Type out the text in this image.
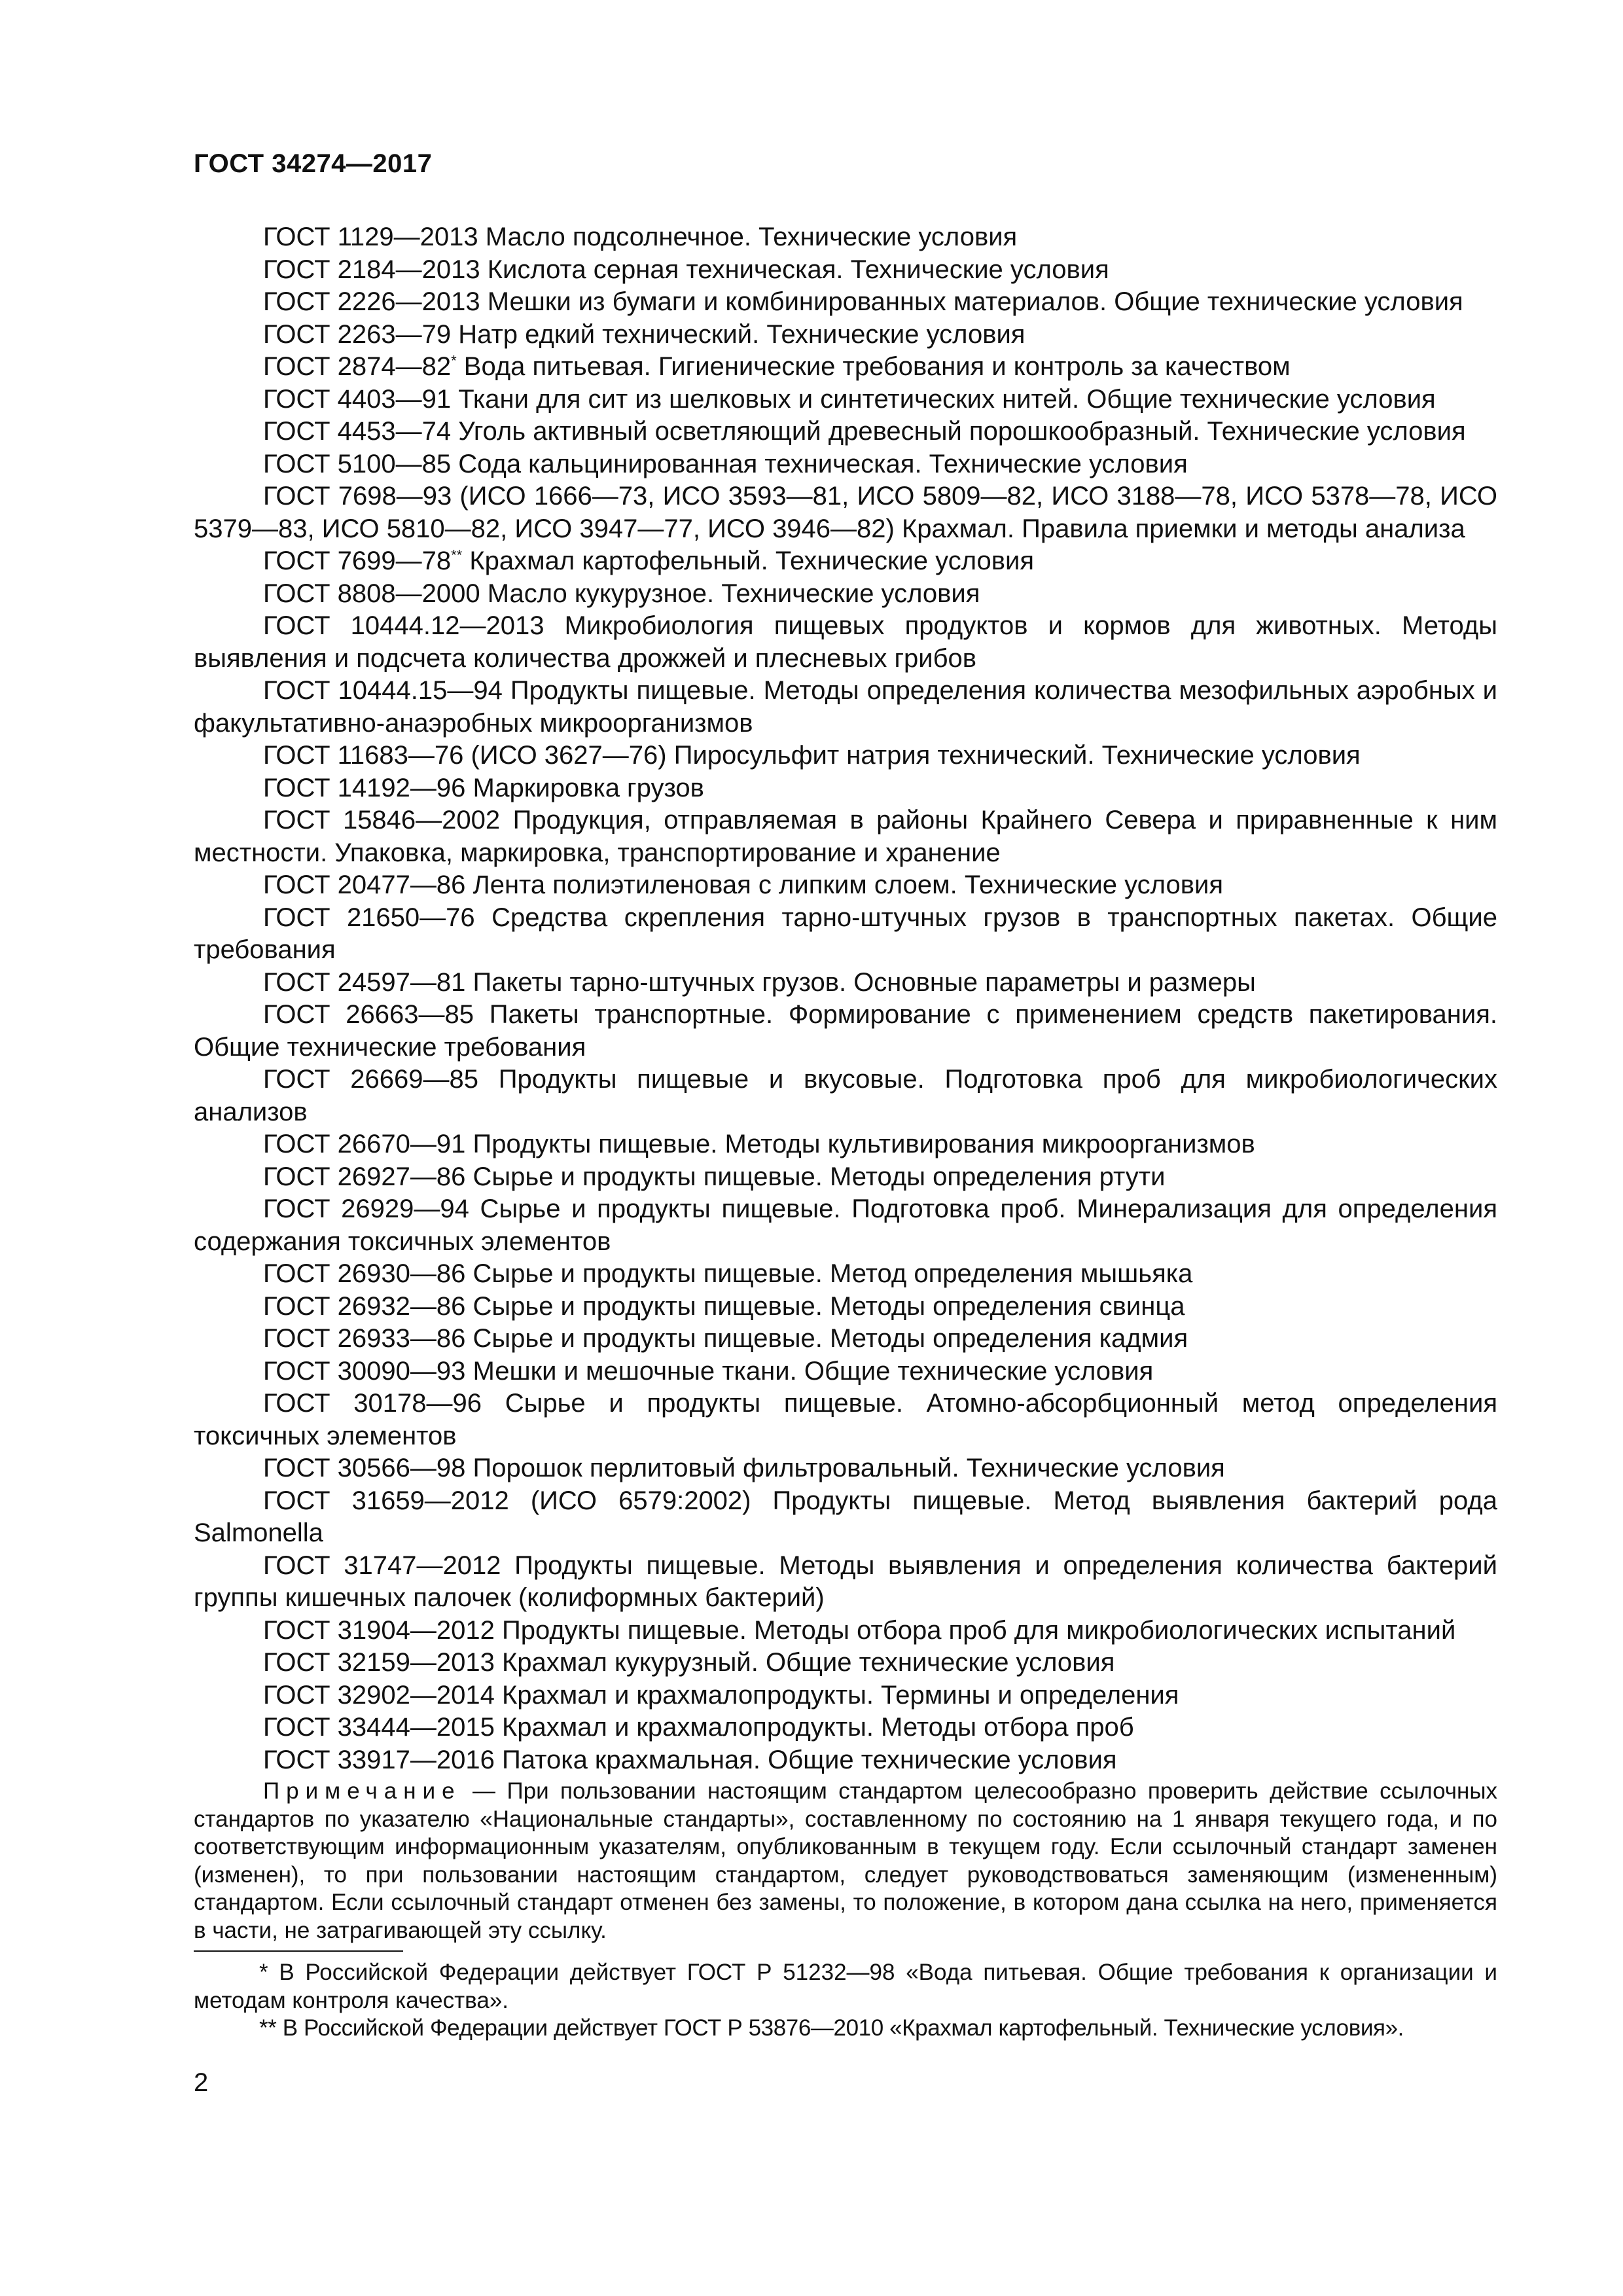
ГОСТ 34274—2017
ГОСТ 1129—2013 Масло подсолнечное. Технические условия
ГОСТ 2184—2013 Кислота серная техническая. Технические условия
ГОСТ 2226—2013 Мешки из бумаги и комбинированных материалов. Общие технические условия
ГОСТ 2263—79 Натр едкий технический. Технические условия
ГОСТ 2874—82* Вода питьевая. Гигиенические требования и контроль за качеством
ГОСТ 4403—91 Ткани для сит из шелковых и синтетических нитей. Общие технические условия
ГОСТ 4453—74 Уголь активный осветляющий древесный порошкообразный. Технические условия
ГОСТ 5100—85 Сода кальцинированная техническая. Технические условия
ГОСТ 7698—93 (ИСО 1666—73, ИСО 3593—81, ИСО 5809—82, ИСО 3188—78, ИСО 5378—78, ИСО 5379—83, ИСО 5810—82, ИСО 3947—77, ИСО 3946—82) Крахмал. Правила приемки и методы анализа
ГОСТ 7699—78** Крахмал картофельный. Технические условия
ГОСТ 8808—2000 Масло кукурузное. Технические условия
ГОСТ 10444.12—2013 Микробиология пищевых продуктов и кормов для животных. Методы выявления и подсчета количества дрожжей и плесневых грибов
ГОСТ 10444.15—94 Продукты пищевые. Методы определения количества мезофильных аэробных и факультативно-анаэробных микроорганизмов
ГОСТ 11683—76 (ИСО 3627—76) Пиросульфит натрия технический. Технические условия
ГОСТ 14192—96 Маркировка грузов
ГОСТ 15846—2002 Продукция, отправляемая в районы Крайнего Севера и приравненные к ним местности. Упаковка, маркировка, транспортирование и хранение
ГОСТ 20477—86 Лента полиэтиленовая с липким слоем. Технические условия
ГОСТ 21650—76 Средства скрепления тарно-штучных грузов в транспортных пакетах. Общие требования
ГОСТ 24597—81 Пакеты тарно-штучных грузов. Основные параметры и размеры
ГОСТ 26663—85 Пакеты транспортные. Формирование с применением средств пакетирования. Общие технические требования
ГОСТ 26669—85 Продукты пищевые и вкусовые. Подготовка проб для микробиологических анализов
ГОСТ 26670—91 Продукты пищевые. Методы культивирования микроорганизмов
ГОСТ 26927—86 Сырье и продукты пищевые. Методы определения ртути
ГОСТ 26929—94 Сырье и продукты пищевые. Подготовка проб. Минерализация для определения содержания токсичных элементов
ГОСТ 26930—86 Сырье и продукты пищевые. Метод определения мышьяка
ГОСТ 26932—86 Сырье и продукты пищевые. Методы определения свинца
ГОСТ 26933—86 Сырье и продукты пищевые. Методы определения кадмия
ГОСТ 30090—93 Мешки и мешочные ткани. Общие технические условия
ГОСТ 30178—96 Сырье и продукты пищевые. Атомно-абсорбционный метод определения токсичных элементов
ГОСТ 30566—98 Порошок перлитовый фильтровальный. Технические условия
ГОСТ 31659—2012 (ИСО 6579:2002) Продукты пищевые. Метод выявления бактерий рода Salmonella
ГОСТ 31747—2012 Продукты пищевые. Методы выявления и определения количества бактерий группы кишечных палочек (колиформных бактерий)
ГОСТ 31904—2012 Продукты пищевые. Методы отбора проб для микробиологических испытаний
ГОСТ 32159—2013 Крахмал кукурузный. Общие технические условия
ГОСТ 32902—2014 Крахмал и крахмалопродукты. Термины и определения
ГОСТ 33444—2015 Крахмал и крахмалопродукты. Методы отбора проб
ГОСТ 33917—2016 Патока крахмальная. Общие технические условия
Примечание — При пользовании настоящим стандартом целесообразно проверить действие ссылочных стандартов по указателю «Национальные стандарты», составленному по состоянию на 1 января текущего года, и по соответствующим информационным указателям, опубликованным в текущем году. Если ссылочный стандарт заменен (изменен), то при пользовании настоящим стандартом, следует руководствоваться заменяющим (измененным) стандартом. Если ссылочный стандарт отменен без замены, то положение, в котором дана ссылка на него, применяется в части, не затрагивающей эту ссылку.
* В Российской Федерации действует ГОСТ Р 51232—98 «Вода питьевая. Общие требования к организации и методам контроля качества».
** В Российской Федерации действует ГОСТ Р 53876—2010 «Крахмал картофельный. Технические условия».
2
